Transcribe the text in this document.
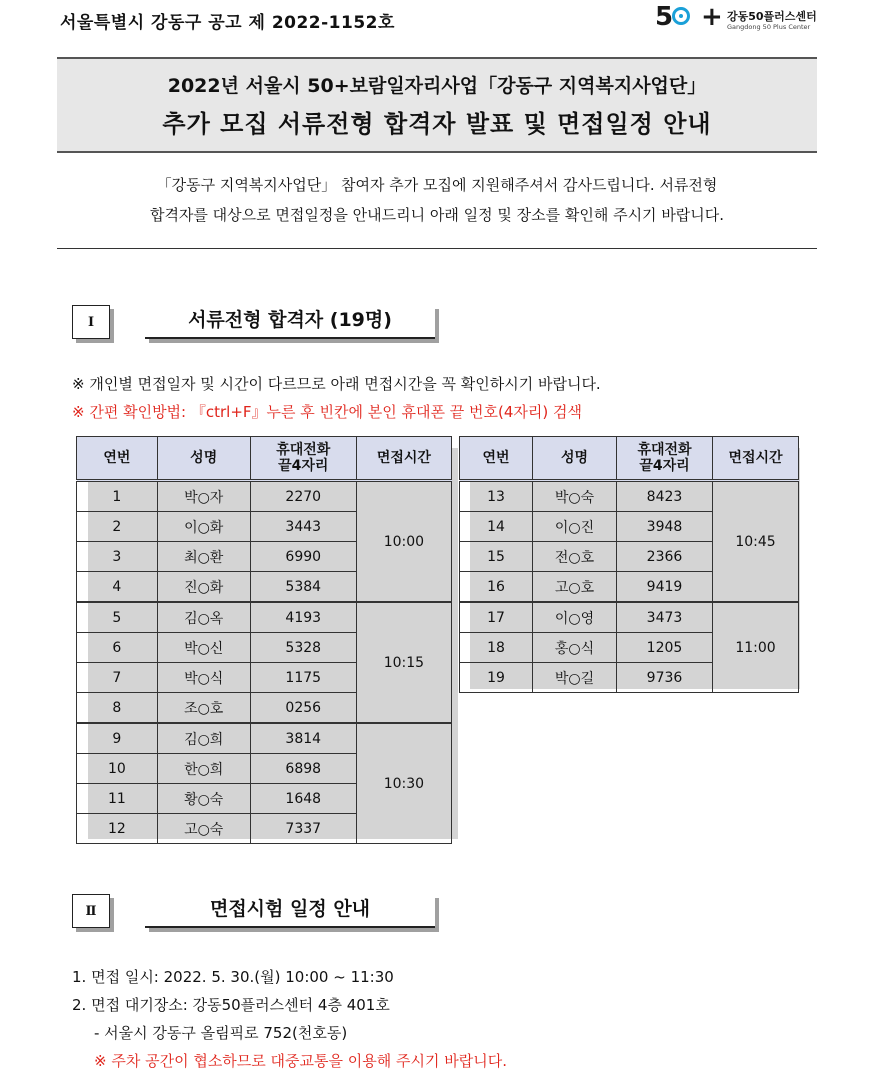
서울특별시 강동구 공고 제 2022-1152호	5 + 강동50플러스센터
Gangdong 50 Plus Center
2022년 서울시 50+보람일자리사업「강동구 지역복지사업단」
추가 모집 서류전형 합격자 발표 및 면접일정 안내
「강동구 지역복지사업단」 참여자 추가 모집에 지원해주셔서 감사드립니다. 서류전형
합격자를 대상으로 면접일정을 안내드리니 아래 일정 및 장소를 확인해 주시기 바랍니다.
Ⅰ	서류전형 합격자 (19명)
※ 개인별 면접일자 및 시간이 다르므로 아래 면접시간을 꼭 확인하시기 바랍니다.
※ 간편 확인방법: 『ctrl+F』누른 후 빈칸에 본인 휴대폰 끝 번호(4자리) 검색
연번	성명	휴대전화
끝4자리	면접시간
1	박○자	2270	10:00
2	이○화	3443	
3	최○환	6990	
4	진○화	5384	
5	김○옥	4193	10:15
6	박○신	5328	
7	박○식	1175	
8	조○호	0256	
9	김○희	3814	10:30
10	한○희	6898	
11	황○숙	1648	
12	고○숙	7337	
연번	성명	휴대전화
끝4자리	면접시간
13	박○숙	8423	10:45
14	이○진	3948	
15	전○호	2366	
16	고○호	9419	
17	이○영	3473	11:00
18	홍○식	1205	
19	박○길	9736	
Ⅱ	면접시험 일정 안내
1. 면접 일시: 2022. 5. 30.(월) 10:00 ~ 11:30
2. 면접 대기장소: 강동50플러스센터 4층 401호
- 서울시 강동구 올림픽로 752(천호동)
※ 주차 공간이 협소하므로 대중교통을 이용해 주시기 바랍니다.
